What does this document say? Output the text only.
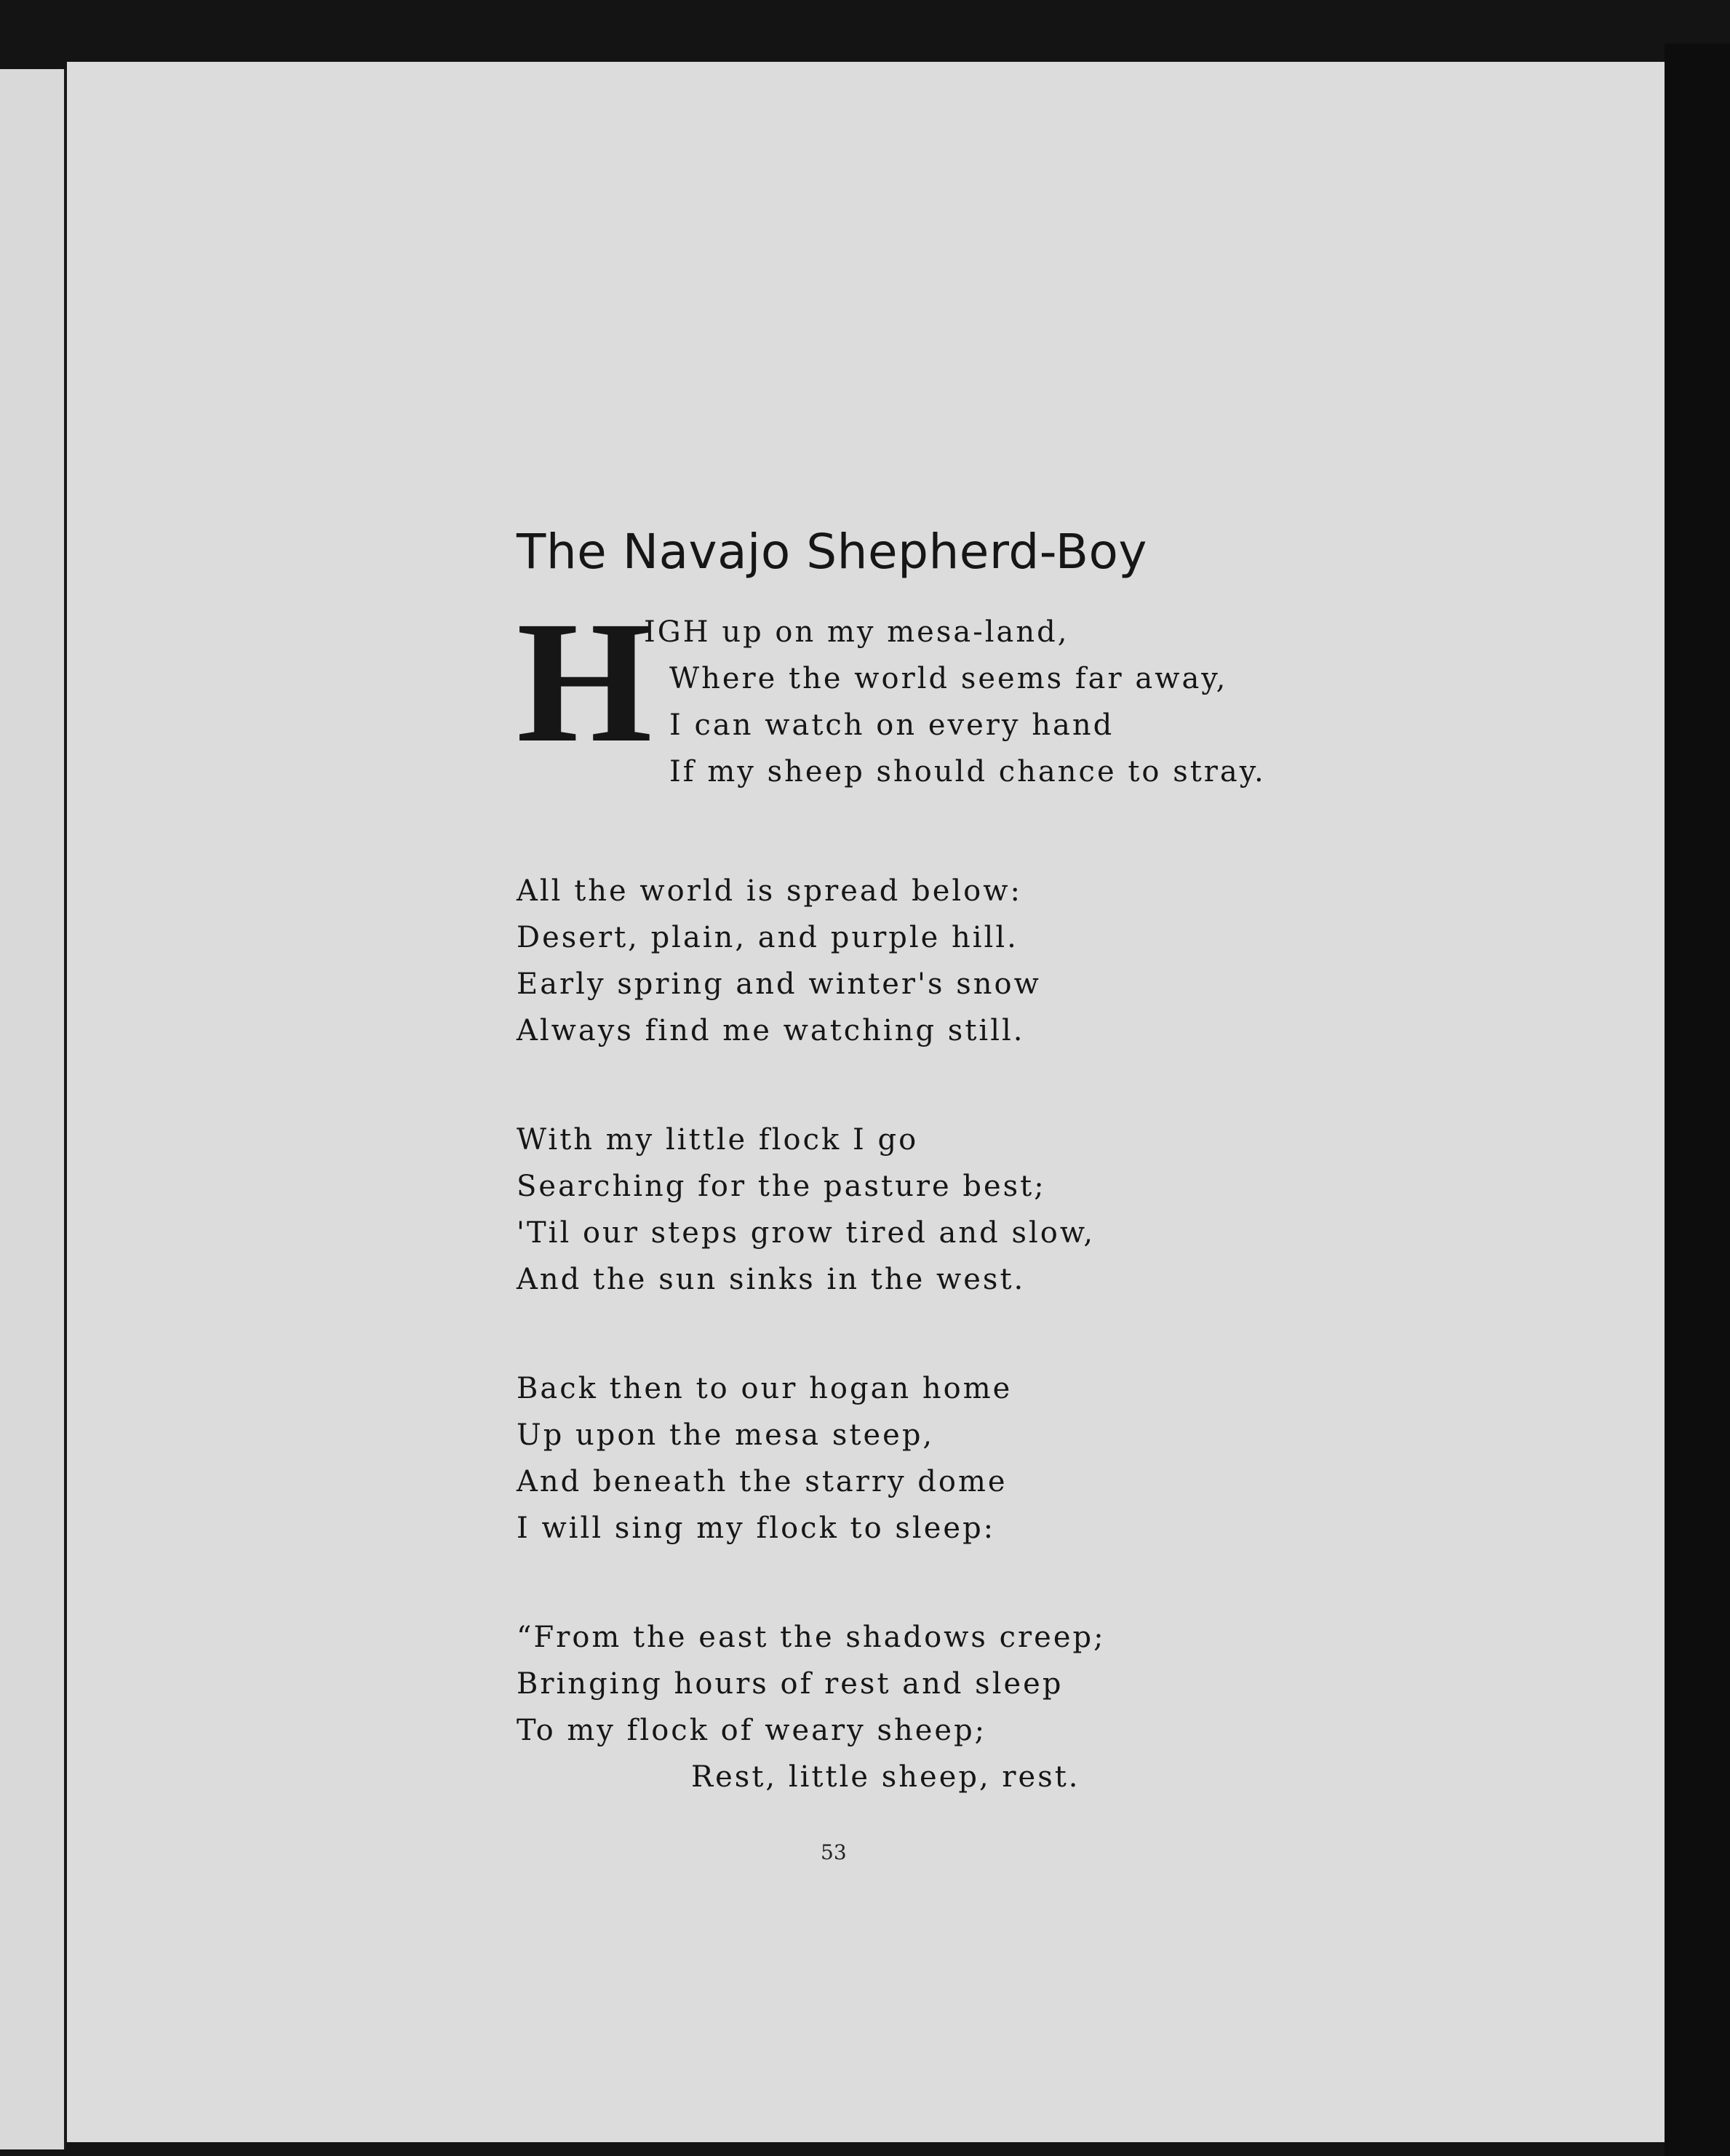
The Navajo Shepherd-Boy
H
IGH up on my mesa-land,
Where the world seems far away,
I can watch on every hand
If my sheep should chance to stray.
All the world is spread below:
Desert, plain, and purple hill.
Early spring and winter's snow
Always find me watching still.
With my little flock I go
Searching for the pasture best;
'Til our steps grow tired and slow,
And the sun sinks in the west.
Back then to our hogan home
Up upon the mesa steep,
And beneath the starry dome
I will sing my flock to sleep:
“From the east the shadows creep;
Bringing hours of rest and sleep
To my flock of weary sheep;
Rest, little sheep, rest.
53
